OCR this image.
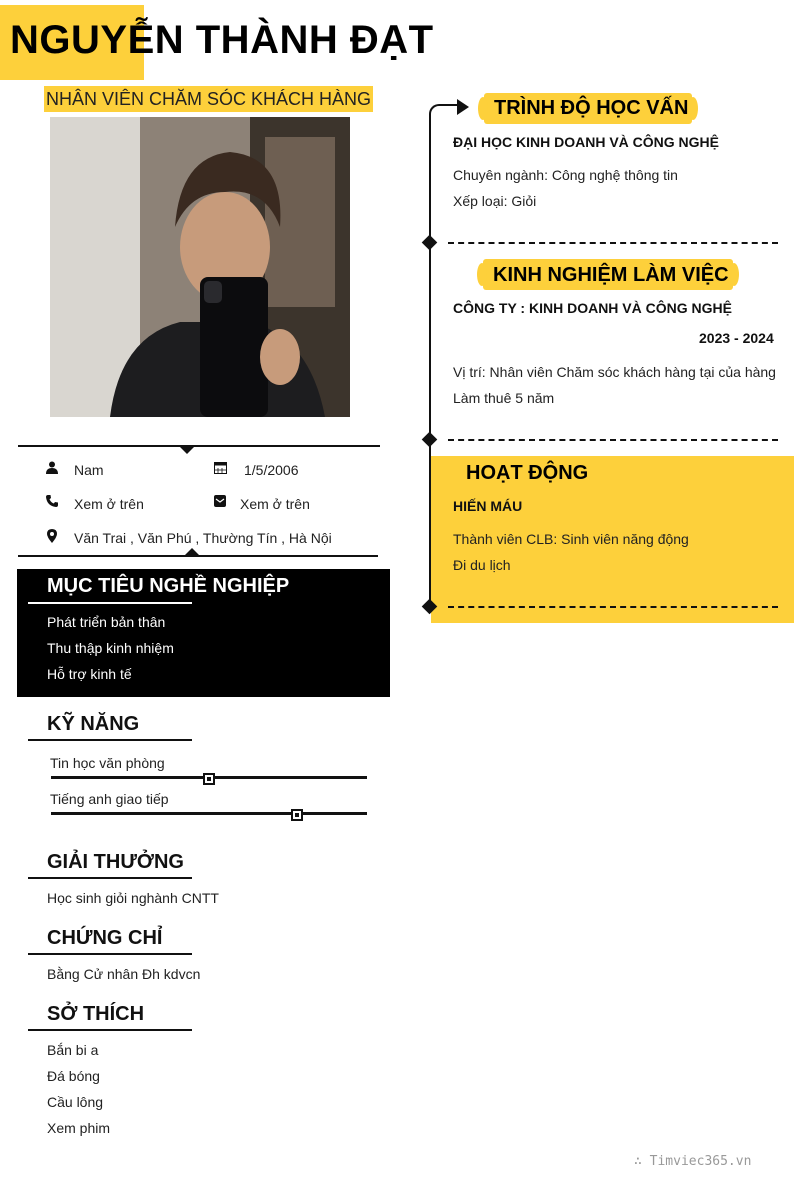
NGUYỄN THÀNH ĐẠT
NHÂN VIÊN CHĂM SÓC KHÁCH HÀNG
Nam	1/5/2006
Xem ở trên	Xem ở trên
Văn Trai , Văn Phú , Thường Tín , Hà Nội
MỤC TIÊU NGHỀ NGHIỆP
Phát triển bản thân
Thu thập kinh nhiệm
Hỗ trợ kinh tế
KỸ NĂNG
Tin học văn phòng
Tiếng anh giao tiếp
GIẢI THƯỞNG
Học sinh giỏi nghành CNTT
CHỨNG CHỈ
Bằng Cử nhân Đh kdvcn
SỞ THÍCH
Bắn bi a
Đá bóng
Cầu lông
Xem phim
TRÌNH ĐỘ HỌC VẤN
ĐẠI HỌC KINH DOANH VÀ CÔNG NGHỆ
Chuyên ngành: Công nghệ thông tin
Xếp loại: Giỏi
KINH NGHIỆM LÀM VIỆC
CÔNG TY : KINH DOANH VÀ CÔNG NGHỆ
2023 - 2024
Vị trí: Nhân viên Chăm sóc khách hàng tại của hàng
Làm thuê 5 năm
HOẠT ĐỘNG
HIẾN MÁU
Thành viên CLB: Sinh viên năng động
Đi du lịch
∴ Timviec365.vn
